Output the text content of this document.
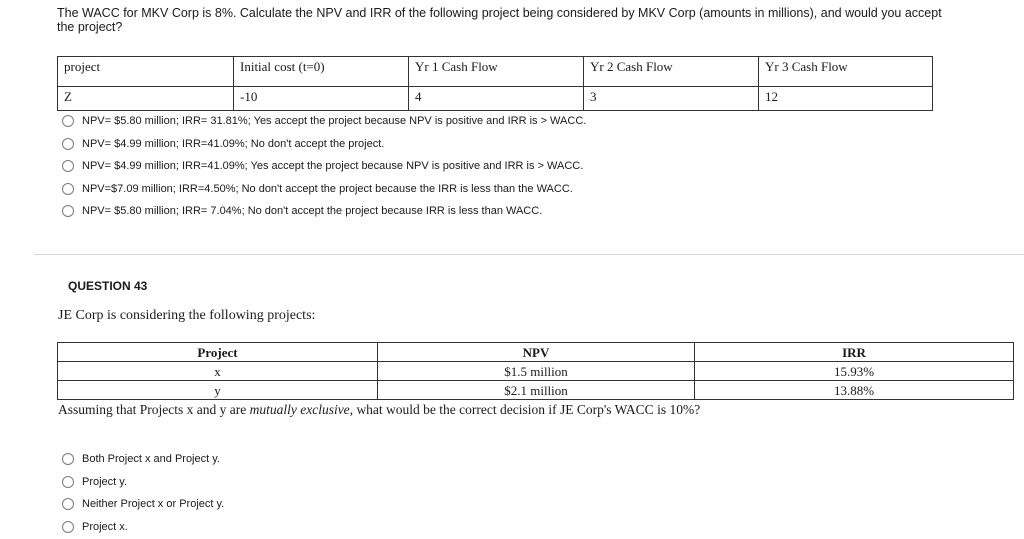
The WACC for MKV Corp is 8%. Calculate the NPV and IRR of the following project being considered by MKV Corp (amounts in millions), and would you accept the project?
project	Initial cost (t=0)	Yr 1 Cash Flow	Yr 2 Cash Flow	Yr 3 Cash Flow
Z	-10	4	3	12
NPV= $5.80 million; IRR= 31.81%; Yes accept the project because NPV is positive and IRR is > WACC.
NPV= $4.99 million; IRR=41.09%; No don't accept the project.
NPV= $4.99 million; IRR=41.09%; Yes accept the project because NPV is positive and IRR is > WACC.
NPV=$7.09 million; IRR=4.50%; No don't accept the project because the IRR is less than the WACC.
NPV= $5.80 million; IRR= 7.04%; No don't accept the project because IRR is less than WACC.
QUESTION 43
JE Corp is considering the following projects:
Project	NPV	IRR
x	$1.5 million	15.93%
y	$2.1 million	13.88%
Assuming that Projects x and y are mutually exclusive, what would be the correct decision if JE Corp's WACC is 10%?
Both Project x and Project y.
Project y.
Neither Project x or Project y.
Project x.
